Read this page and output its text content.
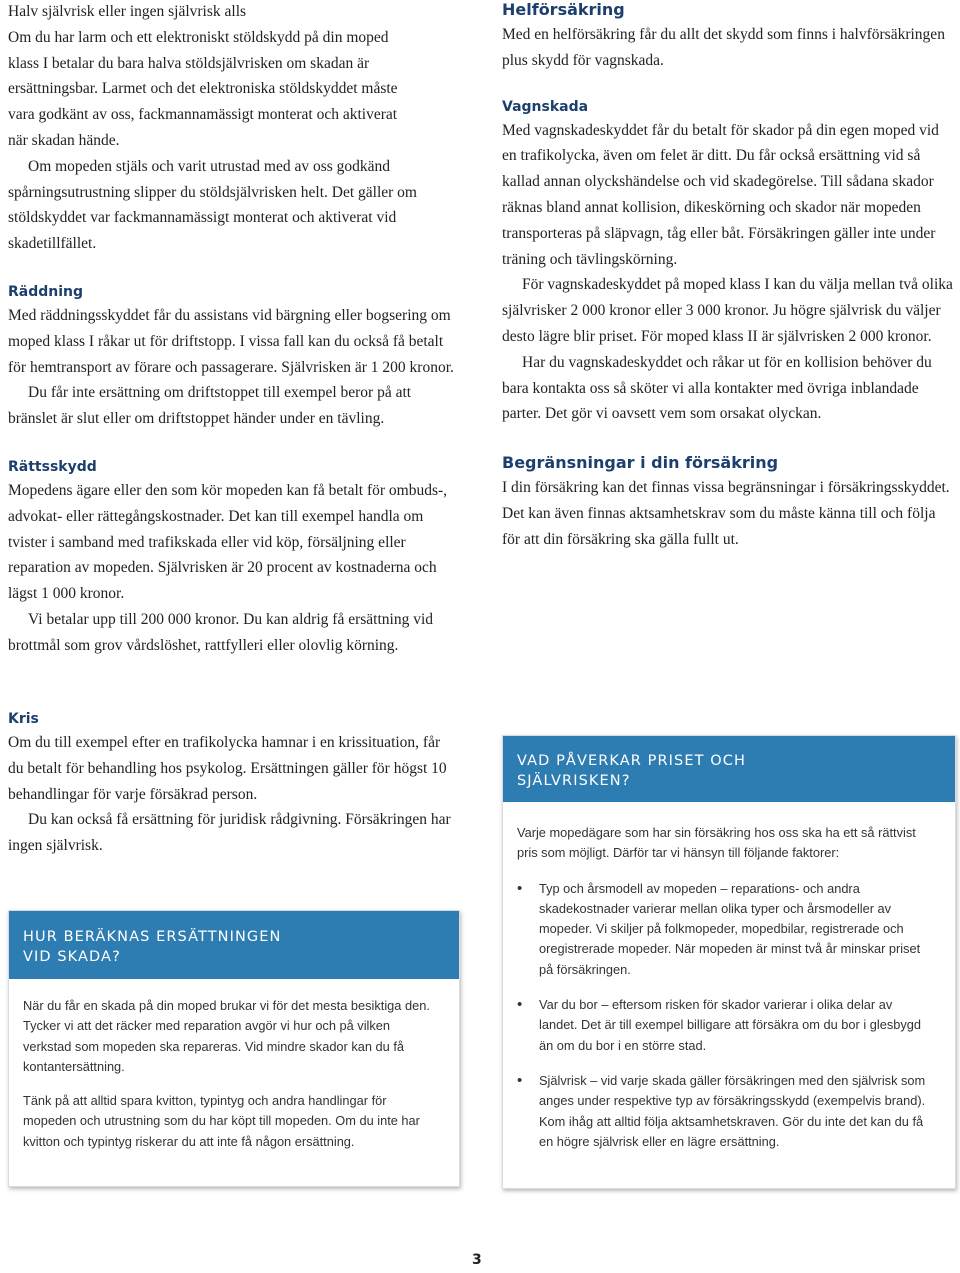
Halv självrisk eller ingen självrisk alls

Om du har larm och ett elektroniskt stöldskydd på din moped

klass I betalar du bara halva stöldsjälvrisken om skadan är

ersättningsbar. Larmet och det elektroniska stöldskyddet måste

vara godkänt av oss, fackmannamässigt monterat och aktiverat

när skadan hände.

Om mopeden stjäls och varit utrustad med av oss godkänd spårningsutrustning slipper du stöldsjälvrisken helt. Det gäller om stöldskyddet var fackmannamässigt monterat och aktiverat vid skadetillfället.

Räddning

Med räddningsskyddet får du assistans vid bärgning eller bogsering om moped klass I råkar ut för driftstopp. I vissa fall kan du också få betalt för hemtransport av förare och passagerare. Självrisken är 1 200 kronor.

Du får inte ersättning om driftstoppet till exempel beror på att bränslet är slut eller om driftstoppet händer under en tävling.

Rättsskydd

Mopedens ägare eller den som kör mopeden kan få betalt för ombuds-, advokat- eller rättegångskostnader. Det kan till exempel handla om tvister i samband med trafikskada eller vid köp, försäljning eller reparation av mopeden. Självrisken är 20 procent av kostnaderna och lägst 1 000 kronor.

Vi betalar upp till 200 000 kronor. Du kan aldrig få ersättning vid brottmål som grov vårdslöshet, rattfylleri eller olovlig körning.

Kris

Om du till exempel efter en trafikolycka hamnar i en krissituation, får du betalt för behandling hos psykolog. Ersättningen gäller för högst 10 behandlingar för varje försäkrad person.

Du kan också få ersättning för juridisk rådgivning. Försäkringen har ingen självrisk.

Helförsäkring

Med en helförsäkring får du allt det skydd som finns i halvförsäkringen plus skydd för vagnskada.

Vagnskada

Med vagnskadeskyddet får du betalt för skador på din egen moped vid en trafikolycka, även om felet är ditt. Du får också ersättning vid så kallad annan olyckshändelse och vid skadegörelse. Till sådana skador räknas bland annat kollision, dikeskörning och skador när mopeden transporteras på släpvagn, tåg eller båt. Försäkringen gäller inte under träning och tävlingskörning.

För vagnskadeskyddet på moped klass I kan du välja mellan två olika självrisker 2 000 kronor eller 3 000 kronor. Ju högre självrisk du väljer desto lägre blir priset. För moped klass II är självrisken 2 000 kronor.

Har du vagnskadeskyddet och råkar ut för en kollision behöver du bara kontakta oss så sköter vi alla kontakter med övriga inblandade parter. Det gör vi oavsett vem som orsakat olyckan.

Begränsningar i din försäkring

I din försäkring kan det finnas vissa begränsningar i försäkringsskyddet. Det kan även finnas aktsamhetskrav som du måste känna till och följa för att din försäkring ska gälla fullt ut.

HUR BERÄKNAS ERSÄTTNINGEN
VID SKADA?

När du får en skada på din moped brukar vi för det mesta besiktiga den. Tycker vi att det räcker med reparation avgör vi hur och på vilken verkstad som mopeden ska repareras. Vid mindre skador kan du få kontantersättning.

Tänk på att alltid spara kvitton, typintyg och andra handlingar för mopeden och utrustning som du har köpt till mopeden. Om du inte har kvitton och typintyg riskerar du att inte få någon ersättning.

VAD PÅVERKAR PRISET OCH
SJÄLVRISKEN?

Varje mopedägare som har sin försäkring hos oss ska ha ett så rättvist pris som möjligt. Därför tar vi hänsyn till följande faktorer:

• Typ och årsmodell av mopeden – reparations- och andra skadekostnader varierar mellan olika typer och årsmodeller av mopeder. Vi skiljer på folkmopeder, mopedbilar, registrerade och oregistrerade mopeder. När mopeden är minst två år minskar priset på försäkringen.
• Var du bor – eftersom risken för skador varierar i olika delar av landet. Det är till exempel billigare att försäkra om du bor i glesbygd än om du bor i en större stad.
• Självrisk – vid varje skada gäller försäkringen med den självrisk som anges under respektive typ av försäkringsskydd (exempelvis brand). Kom ihåg att alltid följa aktsamhetskraven. Gör du inte det kan du få en högre självrisk eller en lägre ersättning.
3
